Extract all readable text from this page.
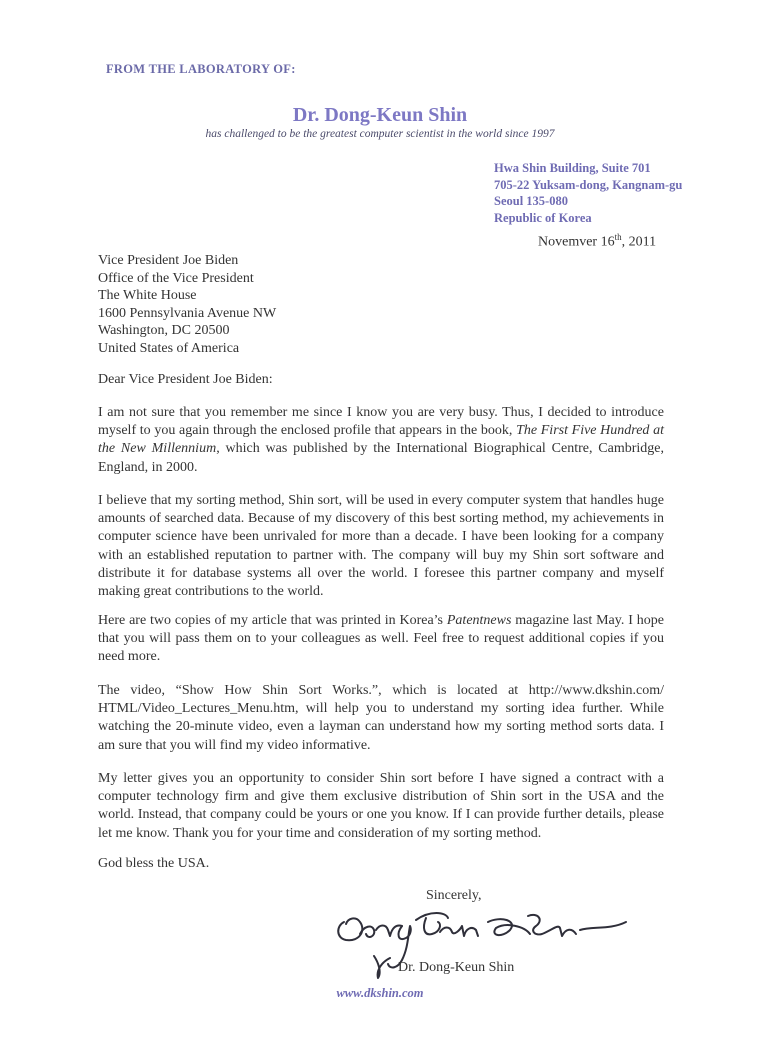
FROM THE LABORATORY OF:
Dr. Dong-Keun Shin
has challenged to be the greatest computer scientist in the world since 1997
Hwa Shin Building, Suite 701
705-22 Yuksam-dong, Kangnam-gu
Seoul 135-080
Republic of Korea
Novemver 16th, 2011
Vice President Joe Biden
Office of the Vice President
The White House
1600 Pennsylvania Avenue NW
Washington, DC 20500
United States of America
Dear Vice President Joe Biden:
I am not sure that you remember me since I know you are very busy. Thus, I decided to introduce myself to you again through the enclosed profile that appears in the book, The First Five Hundred at the New Millennium, which was published by the International Biographical Centre, Cambridge, England, in 2000.
I believe that my sorting method, Shin sort, will be used in every computer system that handles huge amounts of searched data. Because of my discovery of this best sorting method, my achievements in computer science have been unrivaled for more than a decade. I have been looking for a company with an established reputation to partner with. The company will buy my Shin sort software and distribute it for database systems all over the world. I foresee this partner company and myself making great contributions to the world.
Here are two copies of my article that was printed in Korea’s Patentnews magazine last May. I hope that you will pass them on to your colleagues as well. Feel free to request additional copies if you need more.
The video, “Show How Shin Sort Works.”, which is located at http://www.dkshin.com/ HTML/Video_Lectures_Menu.htm, will help you to understand my sorting idea further. While watching the 20-minute video, even a layman can understand how my sorting method sorts data. I am sure that you will find my video informative.
My letter gives you an opportunity to consider Shin sort before I have signed a contract with a computer technology firm and give them exclusive distribution of Shin sort in the USA and the world. Instead, that company could be yours or one you know. If I can provide further details, please let me know. Thank you for your time and consideration of my sorting method.
God bless the USA.
Sincerely,
Dr. Dong-Keun Shin
www.dkshin.com
